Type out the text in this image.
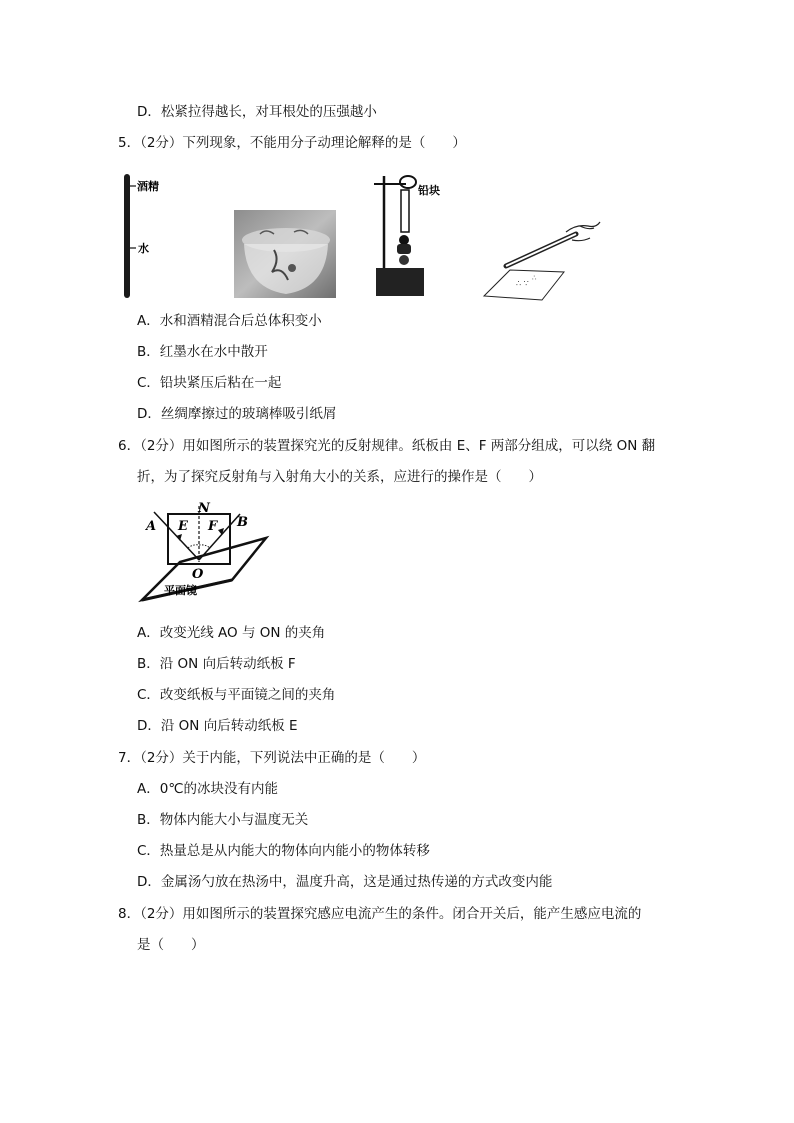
D．松紧拉得越长，对耳根处的压强越小
5．（2分）下列现象，不能用分子动理论解释的是（　　）
酒精
水
铅块
∴ ∵
∴
A．水和酒精混合后总体积变小
B．红墨水在水中散开
C．铅块紧压后粘在一起
D．丝绸摩擦过的玻璃棒吸引纸屑
6．（2分）用如图所示的装置探究光的反射规律。纸板由 E、F 两部分组成，可以绕 ON 翻
折，为了探究反射角与入射角大小的关系，应进行的操作是（　　）
A	B
N
E F
O
平面镜
A．改变光线 AO 与 ON 的夹角
B．沿 ON 向后转动纸板 F
C．改变纸板与平面镜之间的夹角
D．沿 ON 向后转动纸板 E
7．（2分）关于内能，下列说法中正确的是（　　）
A．0℃的冰块没有内能
B．物体内能大小与温度无关
C．热量总是从内能大的物体向内能小的物体转移
D．金属汤勺放在热汤中，温度升高，这是通过热传递的方式改变内能
8．（2分）用如图所示的装置探究感应电流产生的条件。闭合开关后，能产生感应电流的
是（　　）
